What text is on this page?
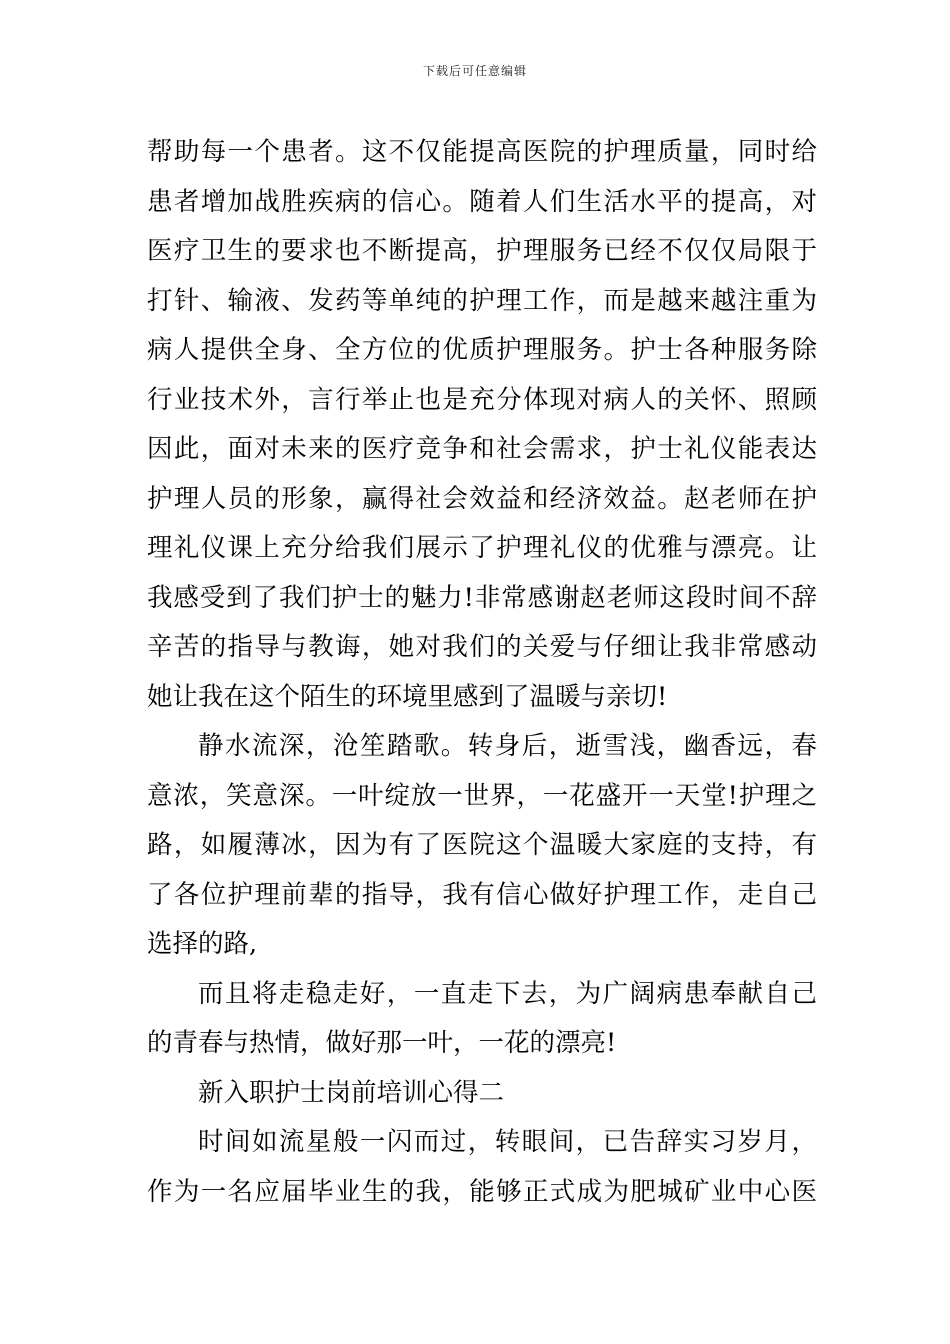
下载后可任意编辑
帮助每一个患者。这不仅能提高医院的护理质量，同时给
患者增加战胜疾病的信心。随着人们生活水平的提高，对
医疗卫生的要求也不断提高，护理服务已经不仅仅局限于
打针、输液、发药等单纯的护理工作，而是越来越注重为
病人提供全身、全方位的优质护理服务。护士各种服务除
行业技术外，言行举止也是充分体现对病人的关怀、照顾
因此，面对未来的医疗竞争和社会需求，护士礼仪能表达
护理人员的形象，赢得社会效益和经济效益。赵老师在护
理礼仪课上充分给我们展示了护理礼仪的优雅与漂亮。让
我感受到了我们护士的魅力!非常感谢赵老师这段时间不辞
辛苦的指导与教诲，她对我们的关爱与仔细让我非常感动
她让我在这个陌生的环境里感到了温暖与亲切!
静水流深，沧笙踏歌。转身后，逝雪浅，幽香远，春
意浓，笑意深。一叶绽放一世界，一花盛开一天堂!护理之
路，如履薄冰，因为有了医院这个温暖大家庭的支持，有
了各位护理前辈的指导，我有信心做好护理工作，走自己
选择的路,
而且将走稳走好，一直走下去，为广阔病患奉献自己
的青春与热情，做好那一叶，一花的漂亮!
新入职护士岗前培训心得二
时间如流星般一闪而过，转眼间，已告辞实习岁月，
作为一名应届毕业生的我，能够正式成为肥城矿业中心医
